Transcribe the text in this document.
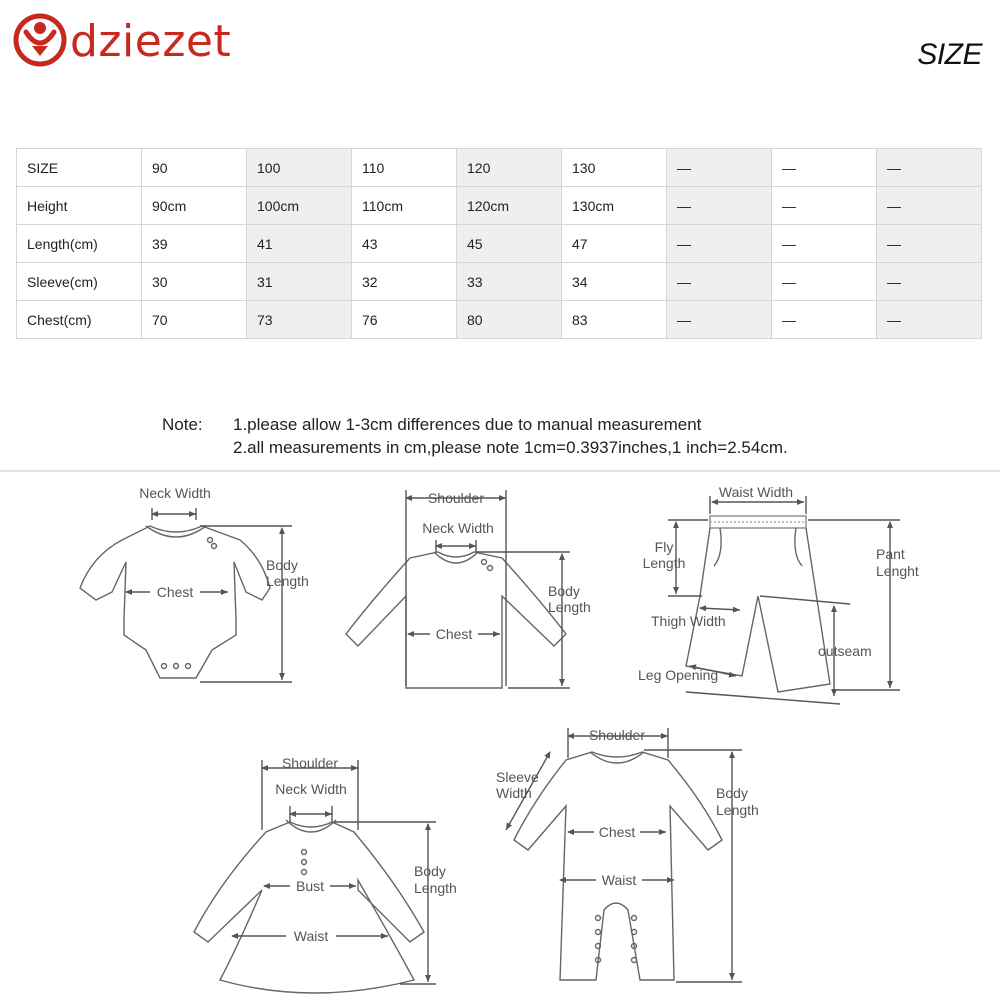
dziezet	SIZE
SIZE	90	100	110	120	130	—	—	—
Height	90cm	100cm	110cm	120cm	130cm	—	—	—
Length(cm)	39	41	43	45	47	—	—	—
Sleeve(cm)	30	31	32	33	34	—	—	—
Chest(cm)	70	73	76	80	83	—	—	—
Note: 1.please allow 1-3cm differences due to manual measurement
2.all measurements in cm,please note 1cm=0.3937inches,1 inch=2.54cm.
Neck Width
Chest
Body
Length
Shoulder
Neck Width
Chest
Body
Length
Waist Width
Fly
Length
Pant
Lenght
Thigh Width
outseam
Leg Opening
Shoulder
Neck Width
Bust
Waist
Body
Length
Shoulder
Sleeve
Width
Chest
Waist
Body
Length
